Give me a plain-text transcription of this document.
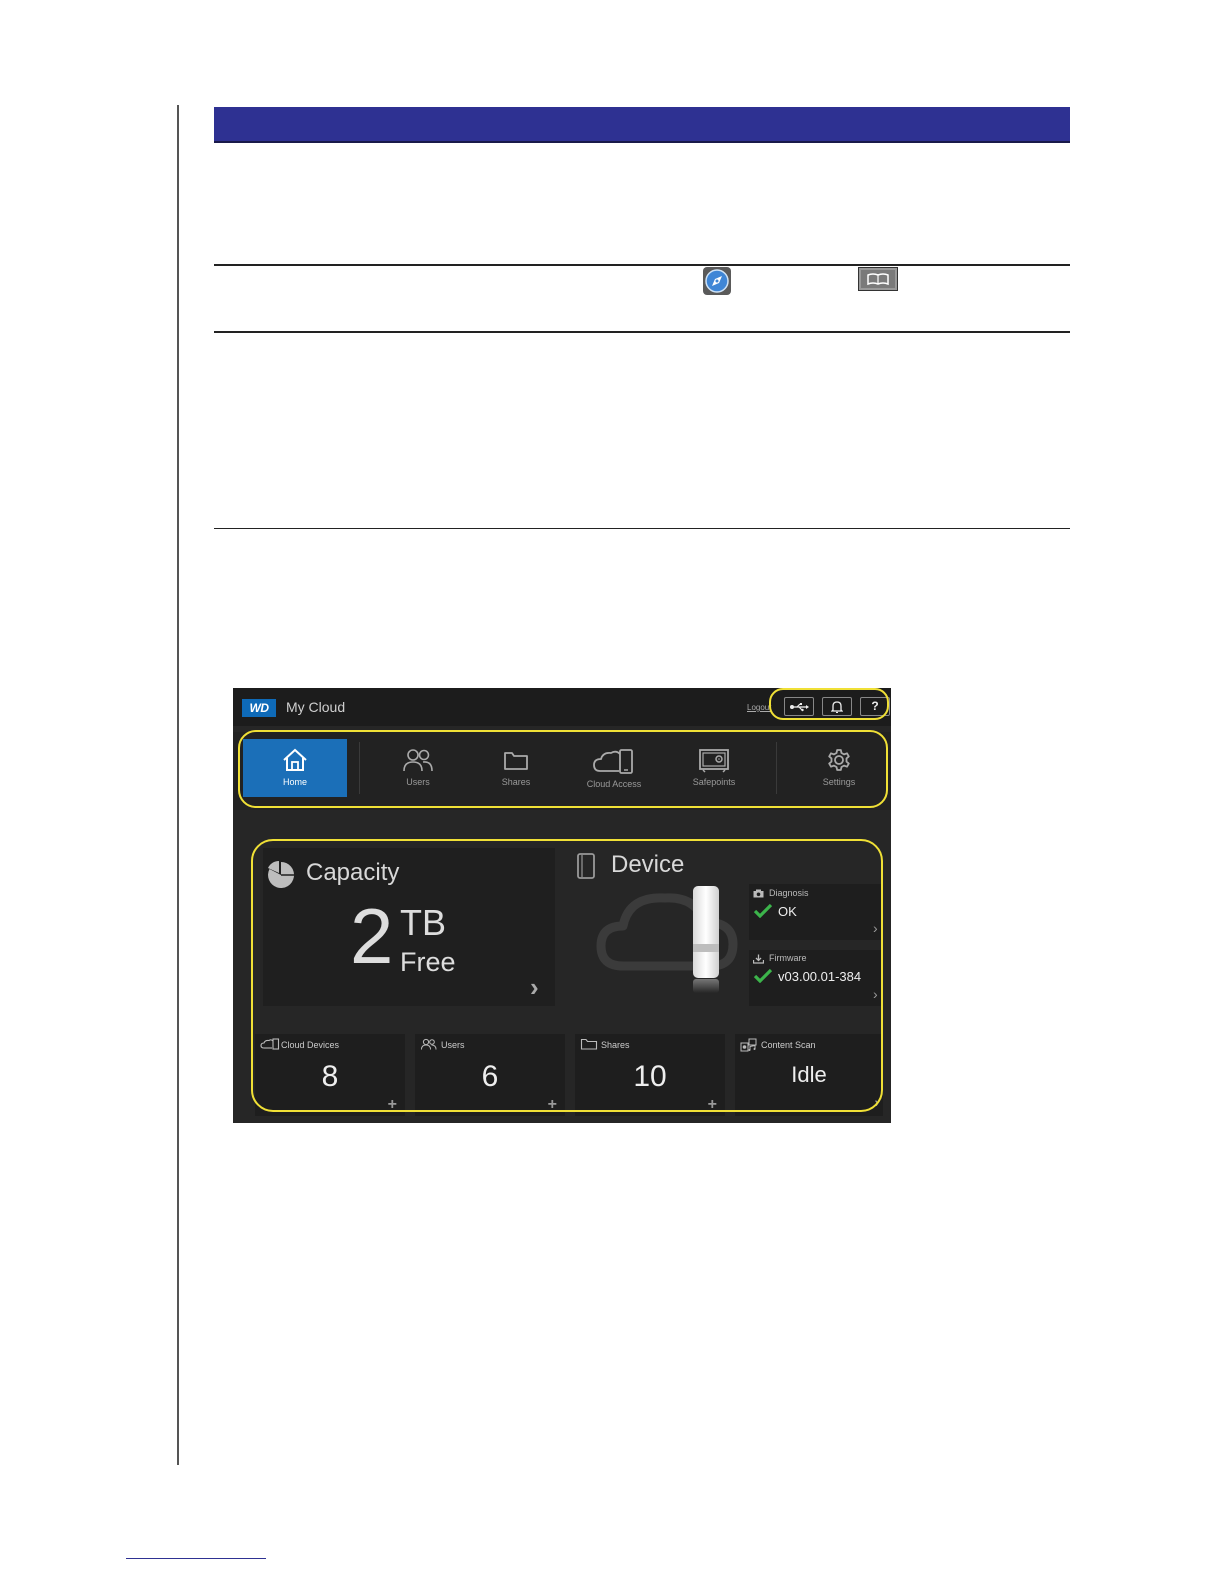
WD	My Cloud	Logout	?
Home	Users	Shares	Cloud Access	Safepoints	Settings
Capacity
2 TB
Free
›
Device
Diagnosis
OK
›
Firmware
v03.00.01-384
›
Cloud Devices
8
+
Users
6
+
Shares
10
+
Content Scan
Idle
›
